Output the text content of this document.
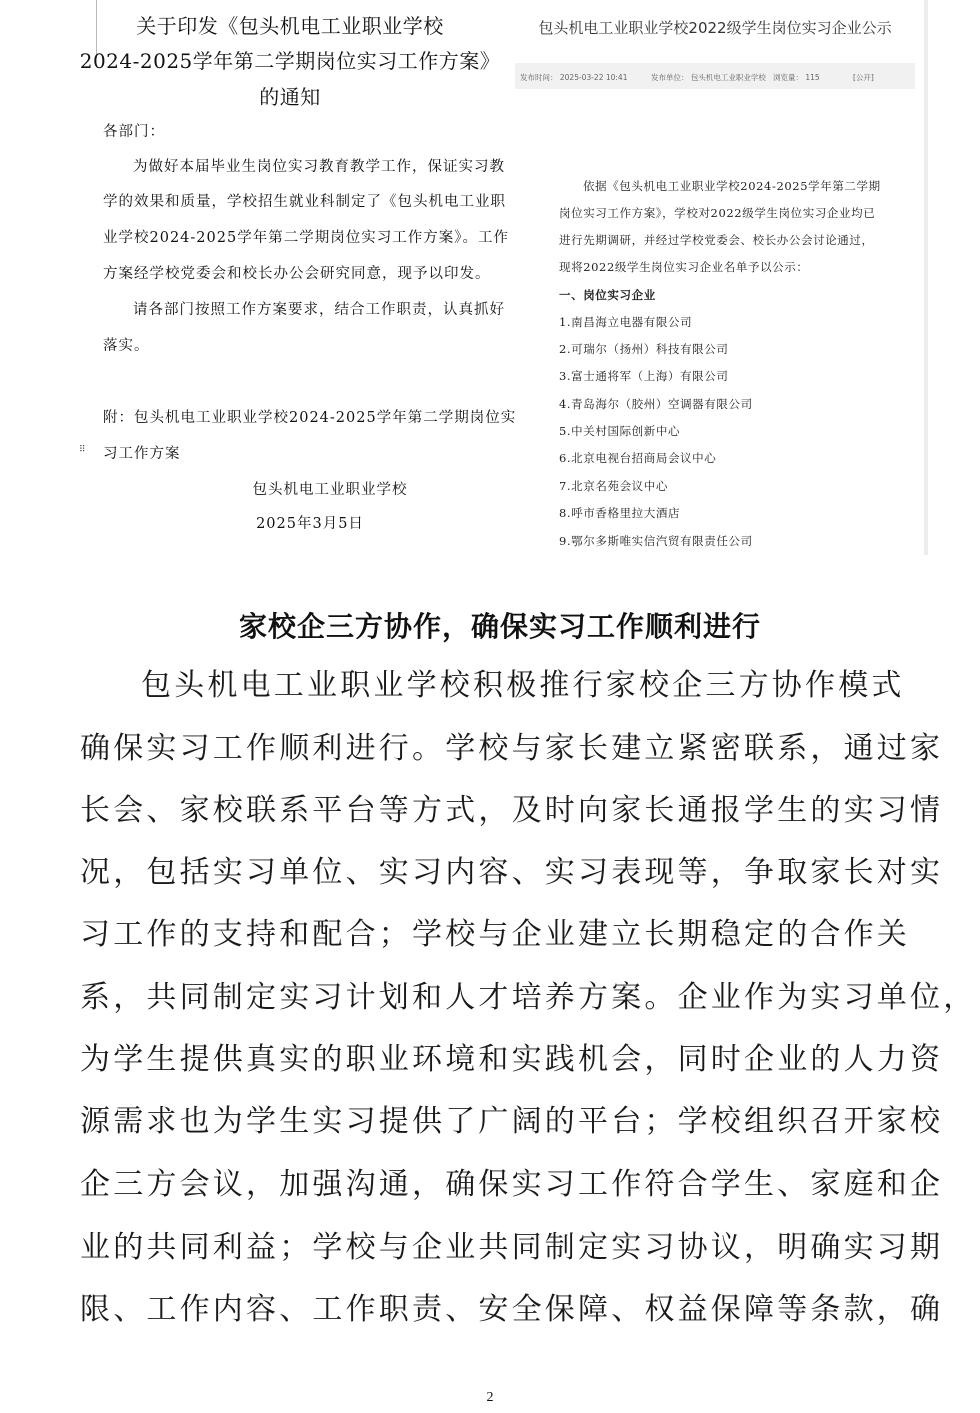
关于印发《包头机电工业职业学校
2024-2025学年第二学期岗位实习工作方案》
的通知
各部门：
为做好本届毕业生岗位实习教育教学工作，保证实习教
学的效果和质量，学校招生就业科制定了《包头机电工业职
业学校2024-2025学年第二学期岗位实习工作方案》。工作
方案经学校党委会和校长办公会研究同意，现予以印发。
请各部门按照工作方案要求，结合工作职责，认真抓好
落实。
附：包头机电工业职业学校2024-2025学年第二学期岗位实
习工作方案
⠿
包头机电工业职业学校
2025年3月5日
包头机电工业职业学校2022级学生岗位实习企业公示
发布时间： 2025-03-22 10:41	发布单位： 包头机电工业职业学校 浏览量： 115	[公开]
依据《包头机电工业职业学校2024-2025学年第二学期
岗位实习工作方案》，学校对2022级学生岗位实习企业均已
进行先期调研，并经过学校党委会、校长办公会讨论通过，
现将2022级学生岗位实习企业名单予以公示：
一、岗位实习企业
1.南昌海立电器有限公司
2.可瑞尔（扬州）科技有限公司
3.富士通将军（上海）有限公司
4.青岛海尔（胶州）空调器有限公司
5.中关村国际创新中心
6.北京电视台招商局会议中心
7.北京名苑会议中心
8.呼市香格里拉大酒店
9.鄂尔多斯唯实信汽贸有限责任公司
家校企三方协作，确保实习工作顺利进行
包头机电工业职业学校积极推行家校企三方协作模式
确保实习工作顺利进行。学校与家长建立紧密联系，通过家
长会、家校联系平台等方式，及时向家长通报学生的实习情
况，包括实习单位、实习内容、实习表现等，争取家长对实
习工作的支持和配合；学校与企业建立长期稳定的合作关
系，共同制定实习计划和人才培养方案。企业作为实习单位，
为学生提供真实的职业环境和实践机会，同时企业的人力资
源需求也为学生实习提供了广阔的平台；学校组织召开家校
企三方会议，加强沟通，确保实习工作符合学生、家庭和企
业的共同利益；学校与企业共同制定实习协议，明确实习期
限、工作内容、工作职责、安全保障、权益保障等条款，确
2
